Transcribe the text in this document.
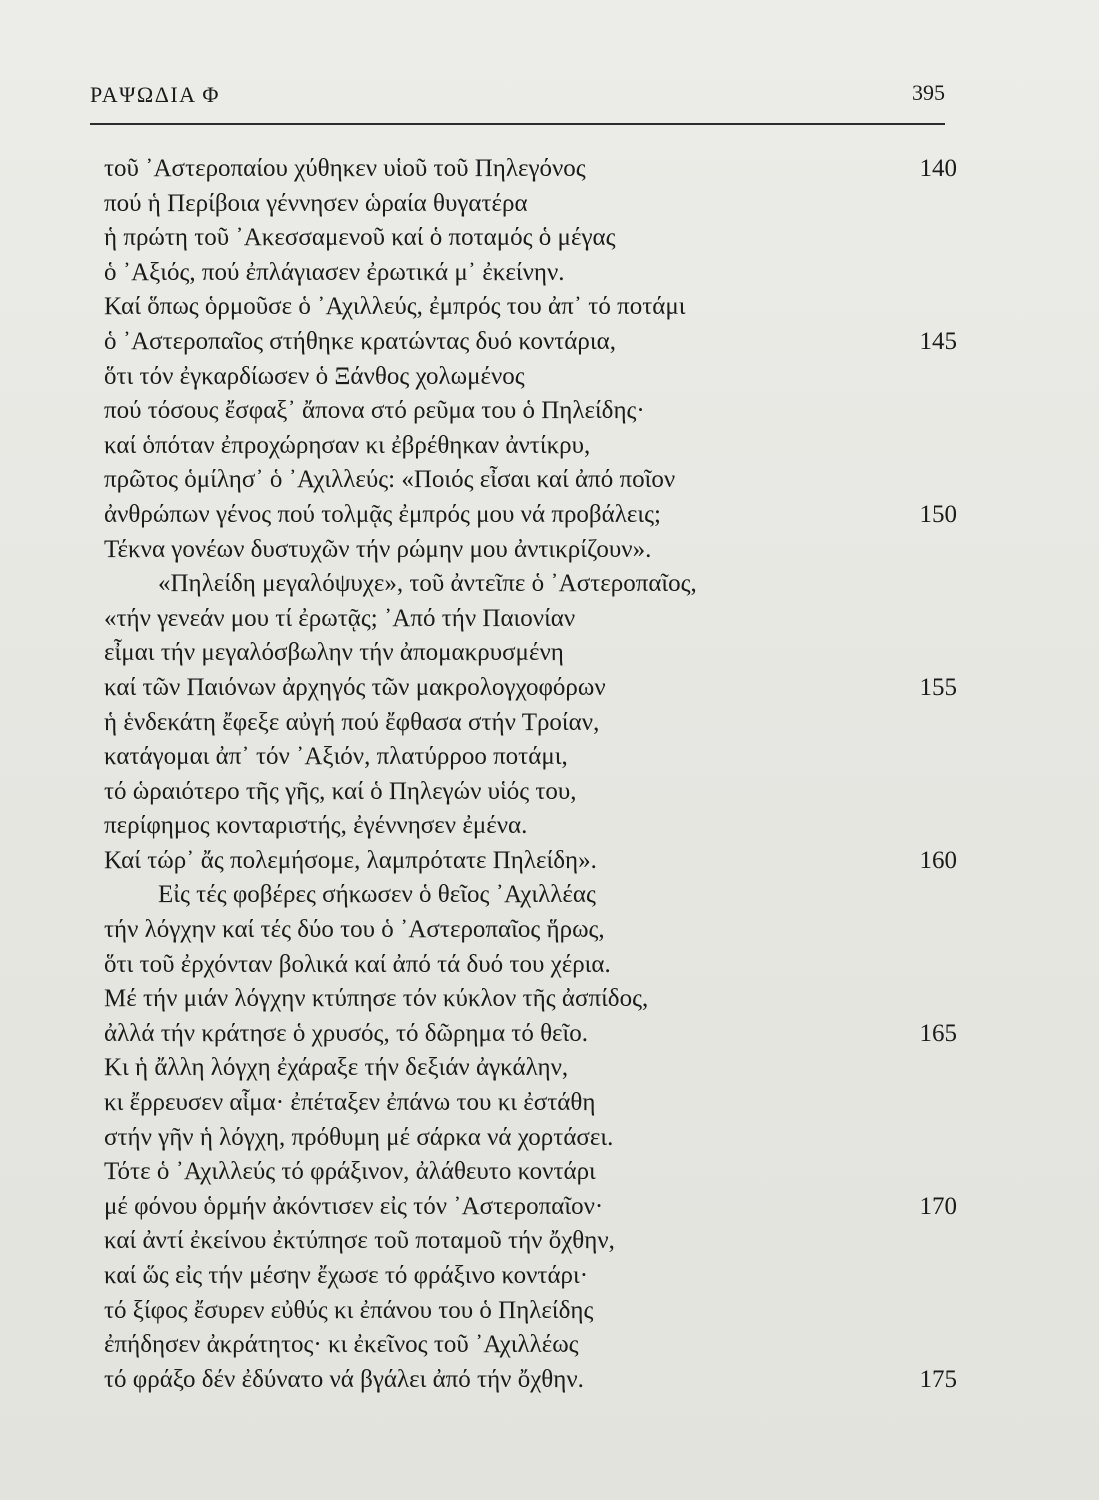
ΡΑΨΩΔΙΑ Φ	395
τοῦ ᾿Αστεροπαίου χύθηκεν υἱοῦ τοῦ Πηλεγόνος	140
πού ἡ Περίβοια γέννησεν ὡραία θυγατέρα
ἡ πρώτη τοῦ ᾿Ακεσσαμενοῦ καί ὁ ποταμός ὁ μέγας
ὁ ᾿Αξιός, πού ἐπλάγιασεν ἐρωτικά μ᾿ ἐκείνην.
Καί ὅπως ὁρμοῦσε ὁ ᾿Αχιλλεύς, ἐμπρός του ἀπ᾿ τό ποτάμι
ὁ ᾿Αστεροπαῖος στήθηκε κρατώντας δυό κοντάρια,	145
ὅτι τόν ἐγκαρδίωσεν ὁ Ξάνθος χολωμένος
πού τόσους ἔσφαξ᾿ ἄπονα στό ρεῦμα του ὁ Πηλείδης·
καί ὁπόταν ἐπροχώρησαν κι ἐβρέθηκαν ἀντίκρυ,
πρῶτος ὁμίλησ᾿ ὁ ᾿Αχιλλεύς: «Ποιός εἶσαι καί ἀπό ποῖον
ἀνθρώπων γένος πού τολμᾷς ἐμπρός μου νά προβάλεις;	150
Τέκνα γονέων δυστυχῶν τήν ρώμην μου ἀντικρίζουν».
«Πηλείδη μεγαλόψυχε», τοῦ ἀντεῖπε ὁ ᾿Αστεροπαῖος,
«τήν γενεάν μου τί ἐρωτᾷς; ᾿Από τήν Παιονίαν
εἶμαι τήν μεγαλόσβωλην τήν ἀπομακρυσμένη
καί τῶν Παιόνων ἀρχηγός τῶν μακρολογχοφόρων	155
ἡ ἑνδεκάτη ἔφεξε αὐγή πού ἔφθασα στήν Τροίαν,
κατάγομαι ἀπ᾿ τόν ᾿Αξιόν, πλατύρροο ποτάμι,
τό ὡραιότερο τῆς γῆς, καί ὁ Πηλεγών υἱός του,
περίφημος κονταριστής, ἐγέννησεν ἐμένα.
Καί τώρ᾿ ἄς πολεμήσομε, λαμπρότατε Πηλείδη».	160
Εἰς τές φοβέρες σήκωσεν ὁ θεῖος ᾿Αχιλλέας
τήν λόγχην καί τές δύο του ὁ ᾿Αστεροπαῖος ἥρως,
ὅτι τοῦ ἐρχόνταν βολικά καί ἀπό τά δυό του χέρια.
Μέ τήν μιάν λόγχην κτύπησε τόν κύκλον τῆς ἀσπίδος,
ἀλλά τήν κράτησε ὁ χρυσός, τό δῶρημα τό θεῖο.	165
Κι ἡ ἄλλη λόγχη ἐχάραξε τήν δεξιάν ἀγκάλην,
κι ἔρρευσεν αἷμα· ἐπέταξεν ἐπάνω του κι ἐστάθη
στήν γῆν ἡ λόγχη, πρόθυμη μέ σάρκα νά χορτάσει.
Τότε ὁ ᾿Αχιλλεύς τό φράξινον, ἀλάθευτο κοντάρι
μέ φόνου ὁρμήν ἀκόντισεν εἰς τόν ᾿Αστεροπαῖον·	170
καί ἀντί ἐκείνου ἐκτύπησε τοῦ ποταμοῦ τήν ὄχθην,
καί ὥς εἰς τήν μέσην ἔχωσε τό φράξινο κοντάρι·
τό ξίφος ἔσυρεν εὐθύς κι ἐπάνου του ὁ Πηλείδης
ἐπήδησεν ἀκράτητος· κι ἐκεῖνος τοῦ ᾿Αχιλλέως
τό φράξο δέν ἐδύνατο νά βγάλει ἀπό τήν ὄχθην.	175
